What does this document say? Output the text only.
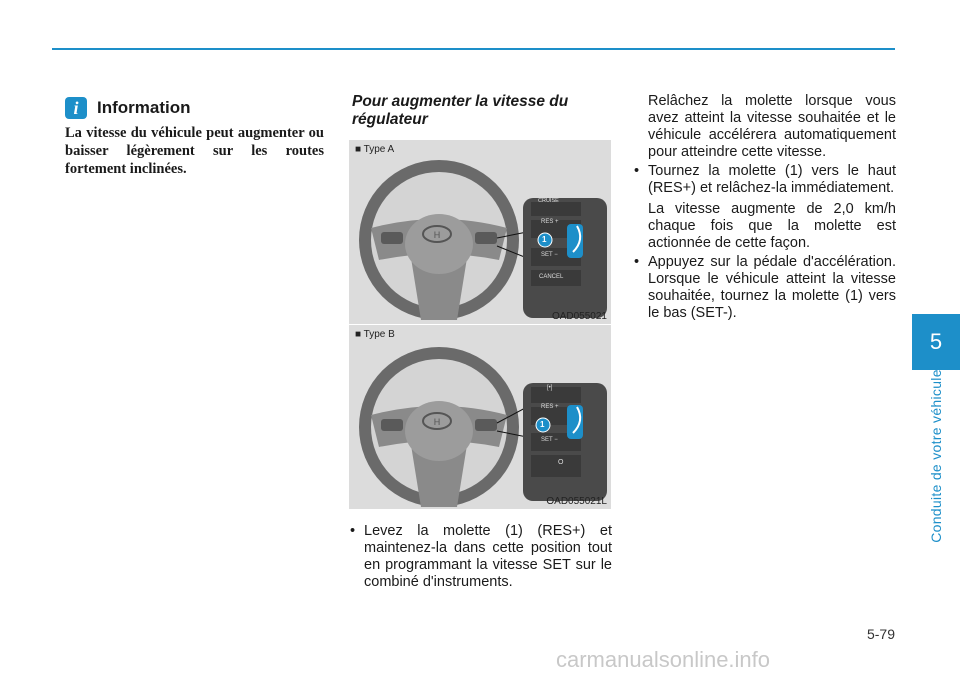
5
Conduite de votre véhicule
i	Information
La vitesse du véhicule peut augmenter ou baisser légèrement sur les routes fortement inclinées.
Pour augmenter la vitesse du régulateur
H
CRUISE
RES +
SET −
CANCEL
1
■ Type A
OAD055021
H
[•]
RES +
SET −
O
1
■ Type B
OAD055021L
• Levez la molette (1) (RES+) et maintenez-la dans cette position tout en programmant la vitesse SET sur le combiné d'instruments.
Relâchez la molette lorsque vous avez atteint la vitesse souhaitée et le véhicule accélérera automatiquement pour atteindre cette vitesse.
• Tournez la molette (1) vers le haut (RES+) et relâchez-la immédiatement.
La vitesse augmente de 2,0 km/h chaque fois que la molette est actionnée de cette façon.
• Appuyez sur la pédale d'accélération. Lorsque le véhicule atteint la vitesse souhaitée, tournez la molette (1) vers le bas (SET-).
5-79
carmanualsonline.info
